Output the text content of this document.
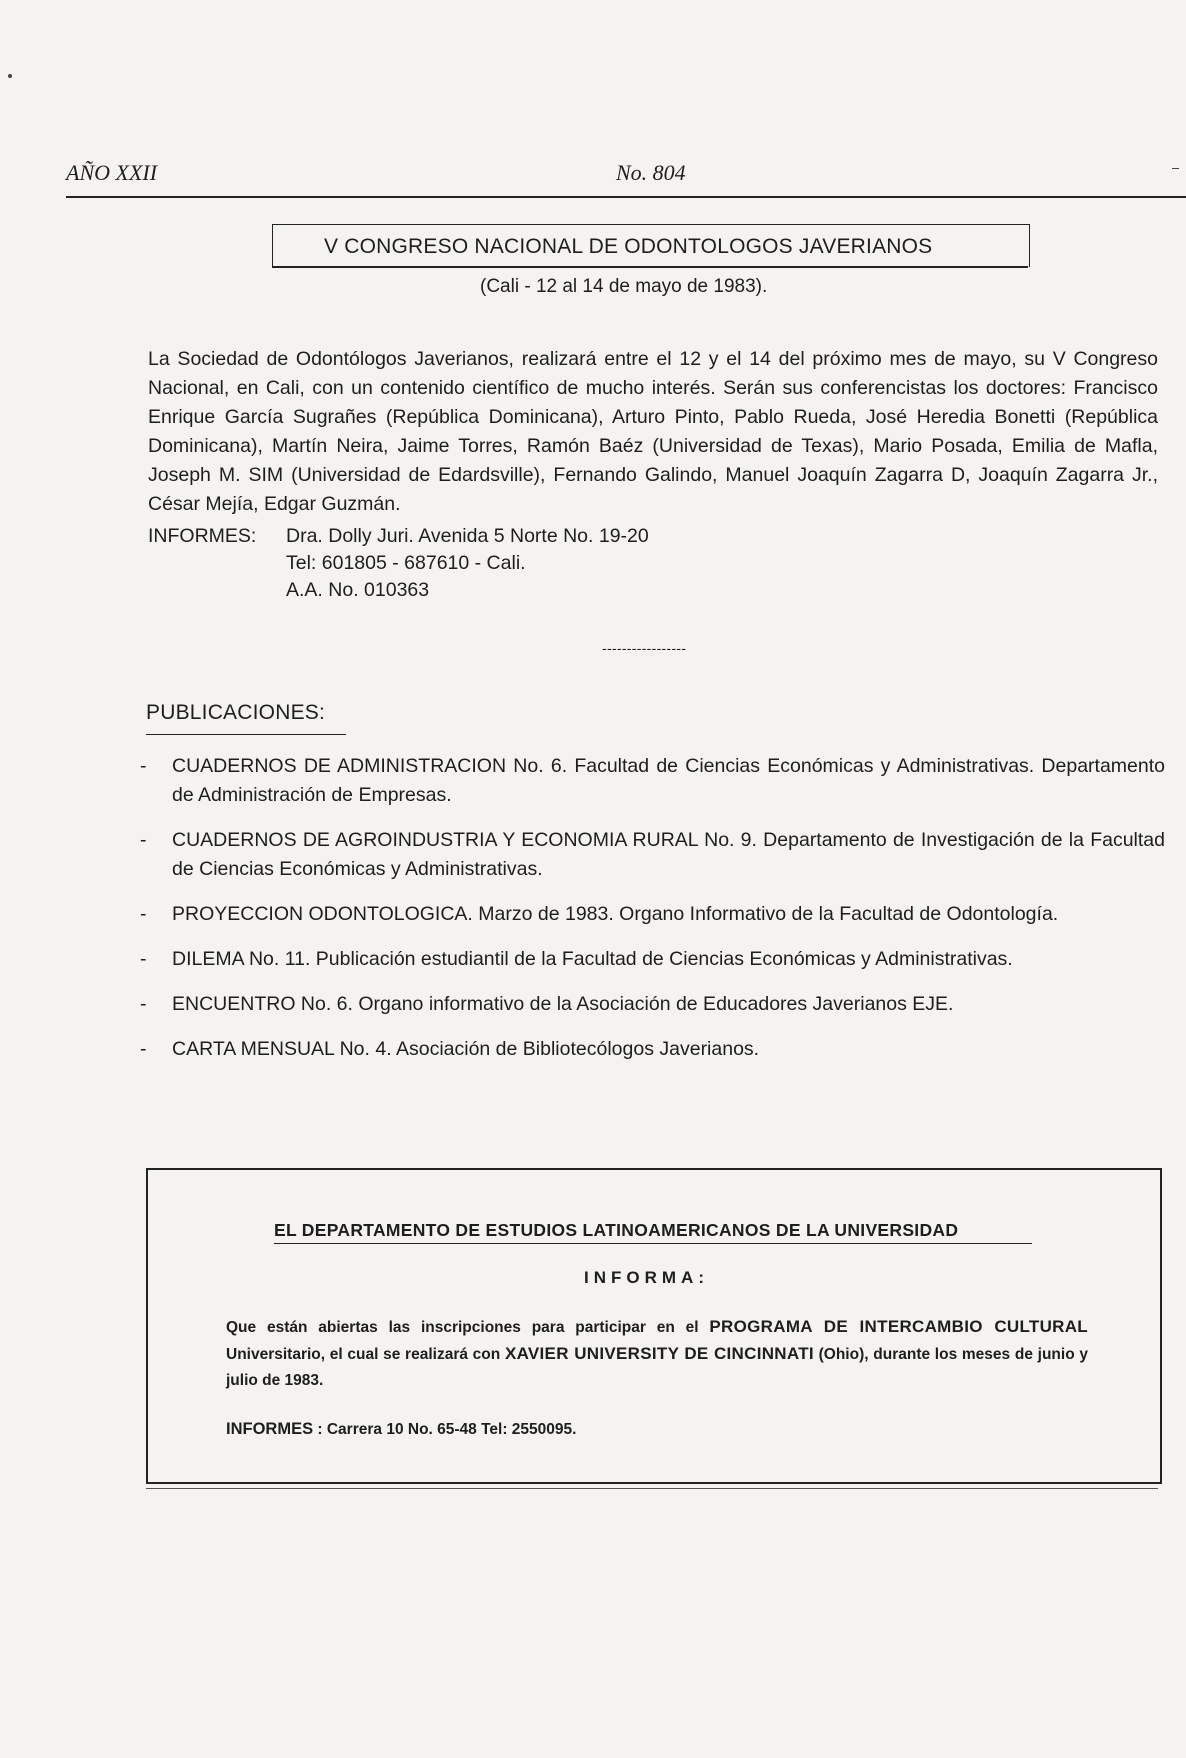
AÑO XXII	No. 804
V CONGRESO NACIONAL DE ODONTOLOGOS JAVERIANOS
(Cali - 12 al 14 de mayo de 1983).

La Sociedad de Odontólogos Javerianos, realizará entre el 12 y el 14 del próximo mes de mayo, su V Congreso Nacional, en Cali, con un contenido científico de mucho interés. Serán sus conferencistas los doctores: Francisco Enrique García Sugrañes (República Dominicana), Arturo Pinto, Pablo Rueda, José Heredia Bonetti (República Dominicana), Martín Neira, Jaime Torres, Ramón Baéz (Universidad de Texas), Mario Posada, Emilia de Mafla, Joseph M. SIM (Universidad de Edardsville), Fernando Galindo, Manuel Joaquín Zagarra D, Joaquín Zagarra Jr., César Mejía, Edgar Guzmán.

INFORMES:	Dra. Dolly Juri. Avenida 5 Norte No. 19-20
Tel: 601805 - 687610 - Cali.
A.A. No. 010363
-----------------
PUBLICACIONES:
- CUADERNOS DE ADMINISTRACION No. 6. Facultad de Ciencias Económicas y Administrativas. Departamento de Administración de Empresas.
- CUADERNOS DE AGROINDUSTRIA Y ECONOMIA RURAL No. 9. Departamento de Investigación de la Facultad de Ciencias Económicas y Administrativas.
- PROYECCION ODONTOLOGICA. Marzo de 1983. Organo Informativo de la Facultad de Odontología.
- DILEMA No. 11. Publicación estudiantil de la Facultad de Ciencias Económicas y Administrativas.
- ENCUENTRO No. 6. Organo informativo de la Asociación de Educadores Javerianos EJE.
- CARTA MENSUAL No. 4. Asociación de Bibliotecólogos Javerianos.
EL DEPARTAMENTO DE ESTUDIOS LATINOAMERICANOS DE LA UNIVERSIDAD
INFORMA:
Que están abiertas las inscripciones para participar en el PROGRAMA DE INTERCAMBIO CULTURAL Universitario, el cual se realizará con XAVIER UNIVERSITY DE CINCINNATI (Ohio), durante los meses de junio y julio de 1983.
INFORMES : Carrera 10 No. 65-48 Tel: 2550095.
